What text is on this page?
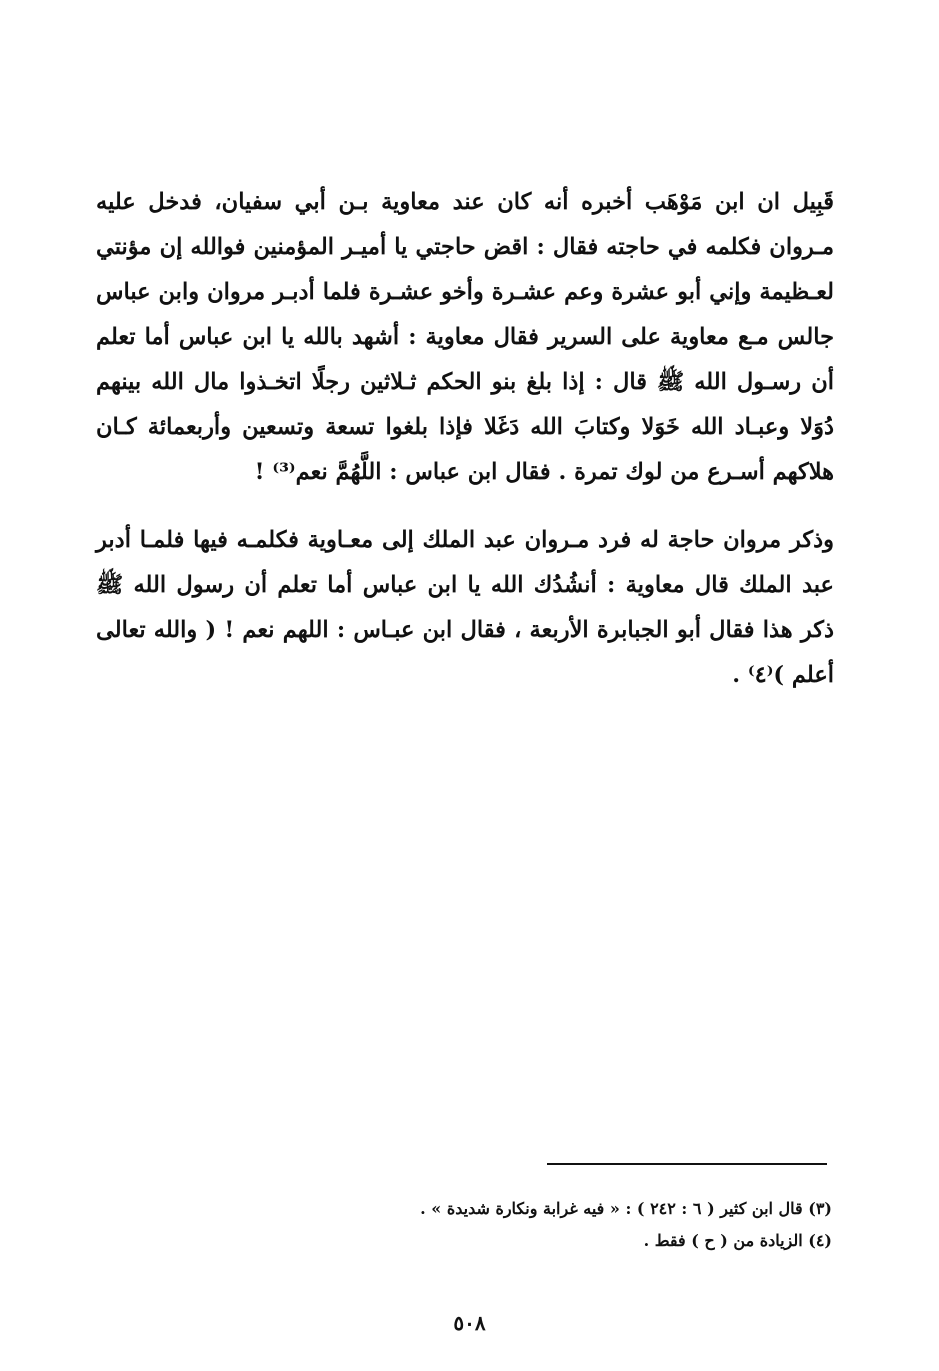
قَبِيل ان ابن مَوْهَب أخبره أنه كان عند معاوية بـن أبي سفيان، فدخل عليه مـروان فكلمه في حاجته فقال : اقض حاجتي يا أميـر المؤمنين فوالله إن مؤنتي لعـظيمة وإني أبو عشرة وعم عشـرة وأخو عشـرة فلما أدبـر مروان وابن عباس جالس مـع معاوية على السرير فقال معاوية : أشهد بالله يا ابن عباس أما تعلم أن رسـول الله ﷺ قال : إذا بلغ بنو الحكم ثـلاثين رجلًا اتخـذوا مال الله بينهم دُوَلا وعبـاد الله خَوَلا وكتابَ الله دَغَلا فإذا بلغوا تسعة وتسعين وأربعمائة كـان هلاكهم أسـرع من لوك تمرة . فقال ابن عباس : اللَّهُمَّ نعم⁽³⁾ !

وذكر مروان حاجة له فرد مـروان عبد الملك إلى معـاوية فكلمـه فيها فلمـا أدبر عبد الملك قال معاوية : أنشُدُك الله يا ابن عباس أما تعلم أن رسول الله ﷺ ذكر هذا فقال أبو الجبابرة الأربعة ، فقال ابن عبـاس : اللهم نعم ! ( والله تعالى أعلم )⁽٤⁾ .

(٣) قال ابن كثير ( ٦ : ٢٤٢ ) : « فيه غرابة ونكارة شديدة » .
(٤) الزيادة من ( ح ) فقط .
٥٠٨
